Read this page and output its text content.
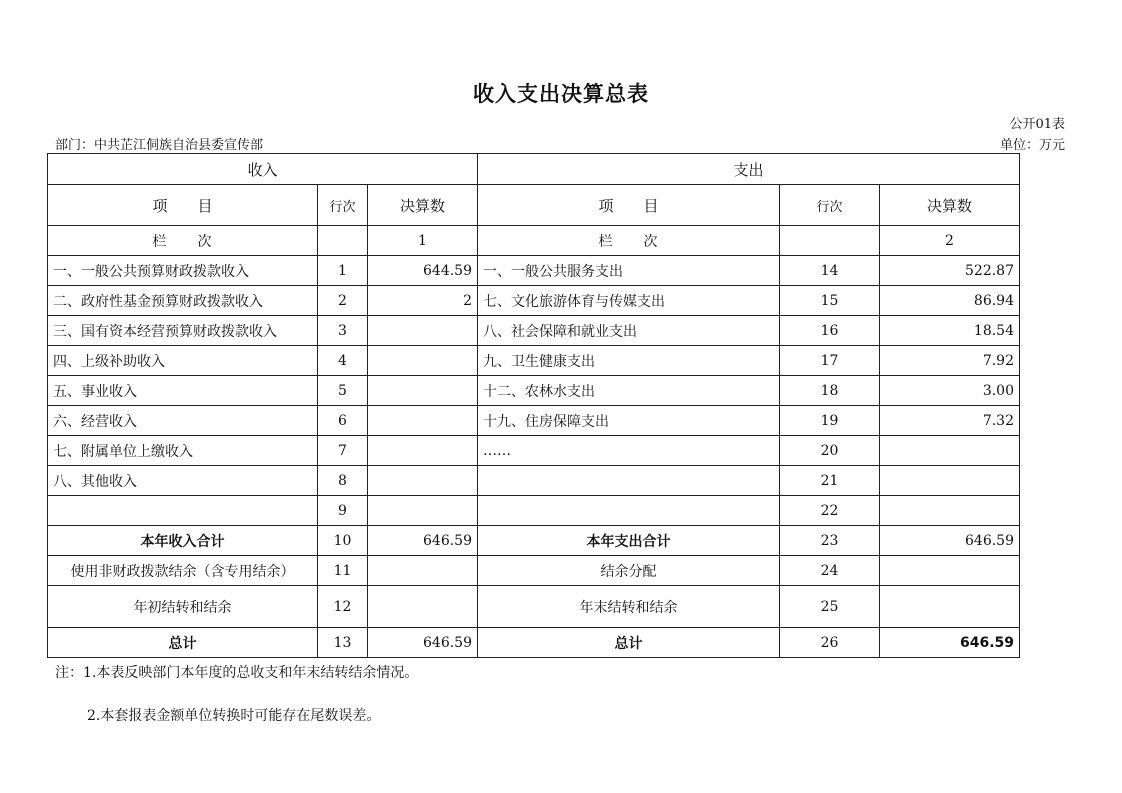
收入支出决算总表
公开01表
部门：中共芷江侗族自治县委宣传部	单位：万元
收入			支出		
项　　目	行次	决算数	项　　目	行次	决算数
栏　　次		1	栏　　次		2
一、一般公共预算财政拨款收入	1	644.59	一、一般公共服务支出	14	522.87
二、政府性基金预算财政拨款收入	2	2	七、文化旅游体育与传媒支出	15	86.94
三、国有资本经营预算财政拨款收入	3		八、社会保障和就业支出	16	18.54
四、上级补助收入	4		九、卫生健康支出	17	7.92
五、事业收入	5		十二、农林水支出	18	3.00
六、经营收入	6		十九、住房保障支出	19	7.32
七、附属单位上缴收入	7		……	20	
八、其他收入	8			21	
	9			22	
本年收入合计	10	646.59	本年支出合计	23	646.59
使用非财政拨款结余（含专用结余）	11		结余分配	24	
年初结转和结余	12		年末结转和结余	25	
总计	13	646.59	总计	26	646.59
注：1.本表反映部门本年度的总收支和年末结转结余情况。
2.本套报表金额单位转换时可能存在尾数误差。
